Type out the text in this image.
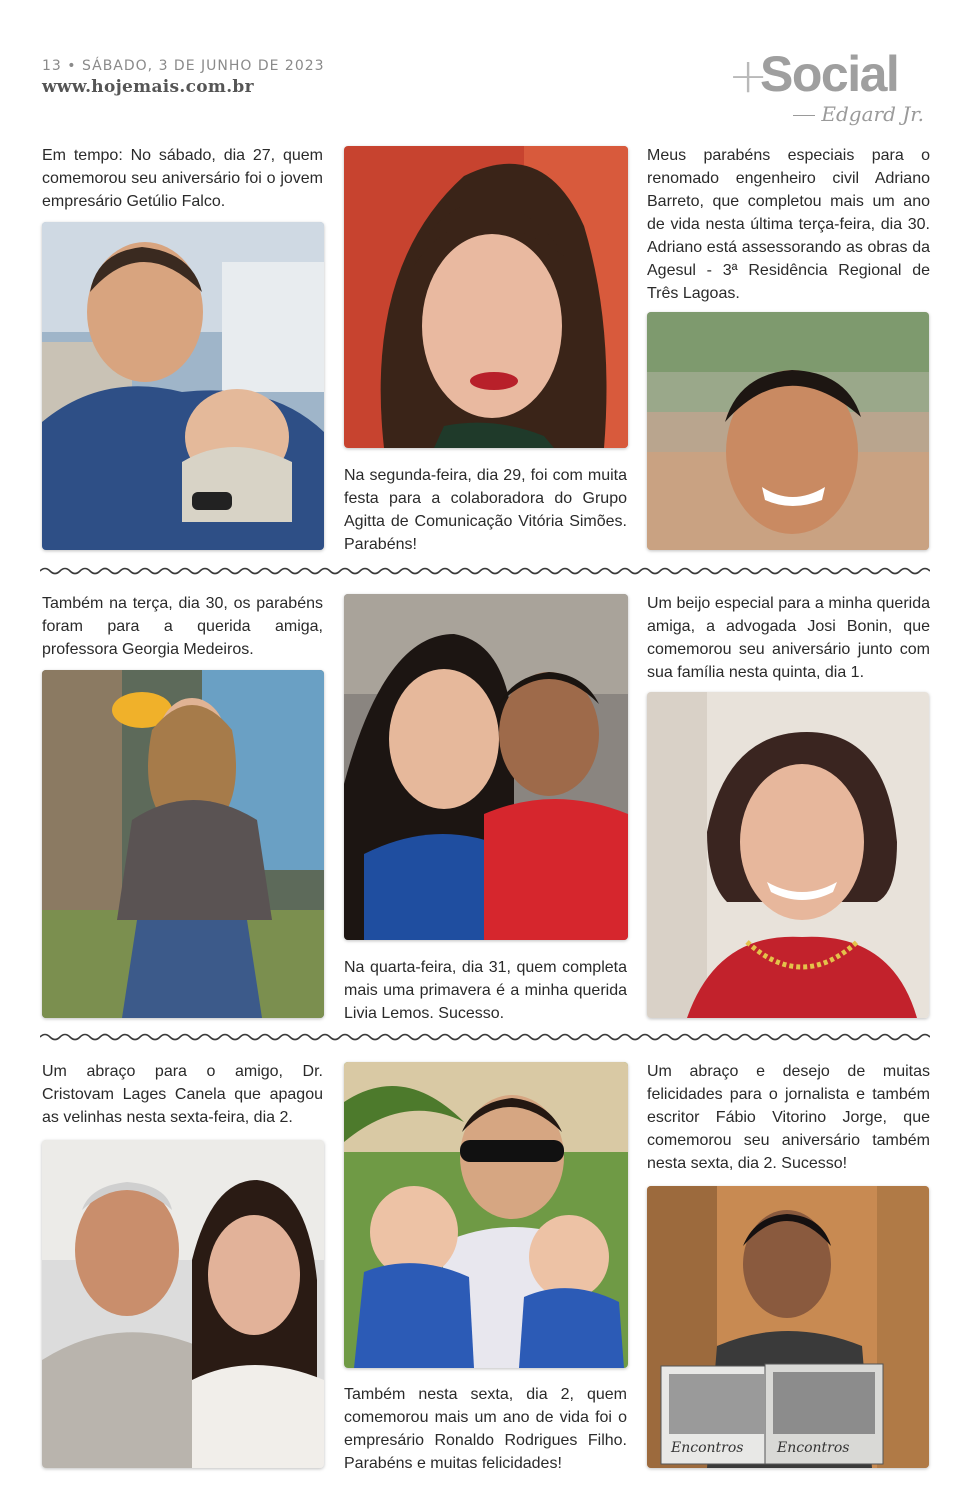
13 • SÁBADO, 3 DE JUNHO DE 2023
www.hojemais.com.br	+
Social
Edgard Jr.
Em tempo: No sábado, dia 27, quem comemorou seu aniversário foi o jovem empresário Getúlio Falco.
Na segunda-feira, dia 29, foi com muita festa para a colaboradora do Grupo Agitta de Comunicação Vitória Simões. Parabéns!
Meus parabéns especiais para o renomado engenheiro civil Adriano Barreto, que completou mais um ano de vida nesta última terça-feira, dia 30. Adriano está assessorando as obras da Agesul - 3ª Residência Regional de Três Lagoas.
Também na terça, dia 30, os parabéns foram para a querida amiga, professora Georgia Medeiros.
Na quarta-feira, dia 31, quem completa mais uma primavera é a minha querida Livia Lemos. Sucesso.
Um beijo especial para a minha querida amiga, a advogada Josi Bonin, que comemorou seu aniversário junto com sua família nesta quinta, dia 1.
Um abraço para o amigo, Dr. Cristovam Lages Canela que apagou as velinhas nesta sexta-feira, dia 2.
Também nesta sexta, dia 2, quem comemorou mais um ano de vida foi o empresário Ronaldo Rodrigues Filho. Parabéns e muitas felicidades!
Um abraço e desejo de muitas felicidades para o jornalista e também escritor Fábio Vitorino Jorge, que comemorou seu aniversário também nesta sexta, dia 2. Sucesso!
Encontros Encontros
